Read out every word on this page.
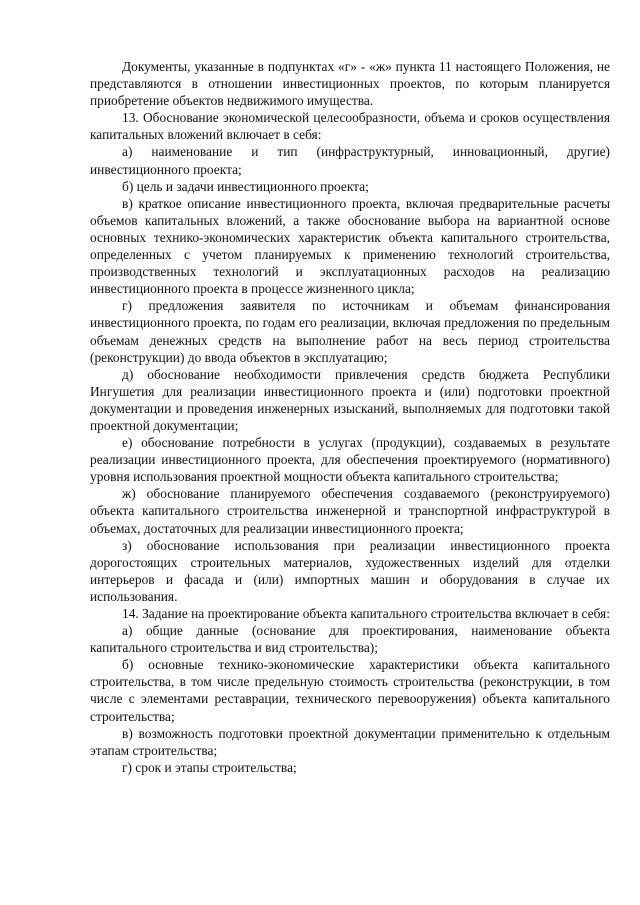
Документы, указанные в подпунктах «г» - «ж» пункта 11 настоящего Положения, не представляются в отношении инвестиционных проектов, по которым планируется приобретение объектов недвижимого имущества.

13. Обоснование экономической целесообразности, объема и сроков осуществления капитальных вложений включает в себя:

а) наименование и тип (инфраструктурный, инновационный, другие) инвестиционного проекта;

б) цель и задачи инвестиционного проекта;

в) краткое описание инвестиционного проекта, включая предварительные расчеты объемов капитальных вложений, а также обоснование выбора на вариантной основе основных технико-экономических характеристик объекта капитального строительства, определенных с учетом планируемых к применению технологий строительства, производственных технологий и эксплуатационных расходов на реализацию инвестиционного проекта в процессе жизненного цикла;

г) предложения заявителя по источникам и объемам финансирования инвестиционного проекта, по годам его реализации, включая предложения по предельным объемам денежных средств на выполнение работ на весь период строительства (реконструкции) до ввода объектов в эксплуатацию;

д) обоснование необходимости привлечения средств бюджета Республики Ингушетия для реализации инвестиционного проекта и (или) подготовки проектной документации и проведения инженерных изысканий, выполняемых для подготовки такой проектной документации;

е) обоснование потребности в услугах (продукции), создаваемых в результате реализации инвестиционного проекта, для обеспечения проектируемого (нормативного) уровня использования проектной мощности объекта капитального строительства;

ж) обоснование планируемого обеспечения создаваемого (реконструируемого) объекта капитального строительства инженерной и транспортной инфраструктурой в объемах, достаточных для реализации инвестиционного проекта;

з) обоснование использования при реализации инвестиционного проекта дорогостоящих строительных материалов, художественных изделий для отделки интерьеров и фасада и (или) импортных машин и оборудования в случае их использования.

14. Задание на проектирование объекта капитального строительства включает в себя:

а) общие данные (основание для проектирования, наименование объекта капитального строительства и вид строительства);

б) основные технико-экономические характеристики объекта капитального строительства, в том числе предельную стоимость строительства (реконструкции, в том числе с элементами реставрации, технического перевооружения) объекта капитального строительства;

в) возможность подготовки проектной документации применительно к отдельным этапам строительства;

г) срок и этапы строительства;
